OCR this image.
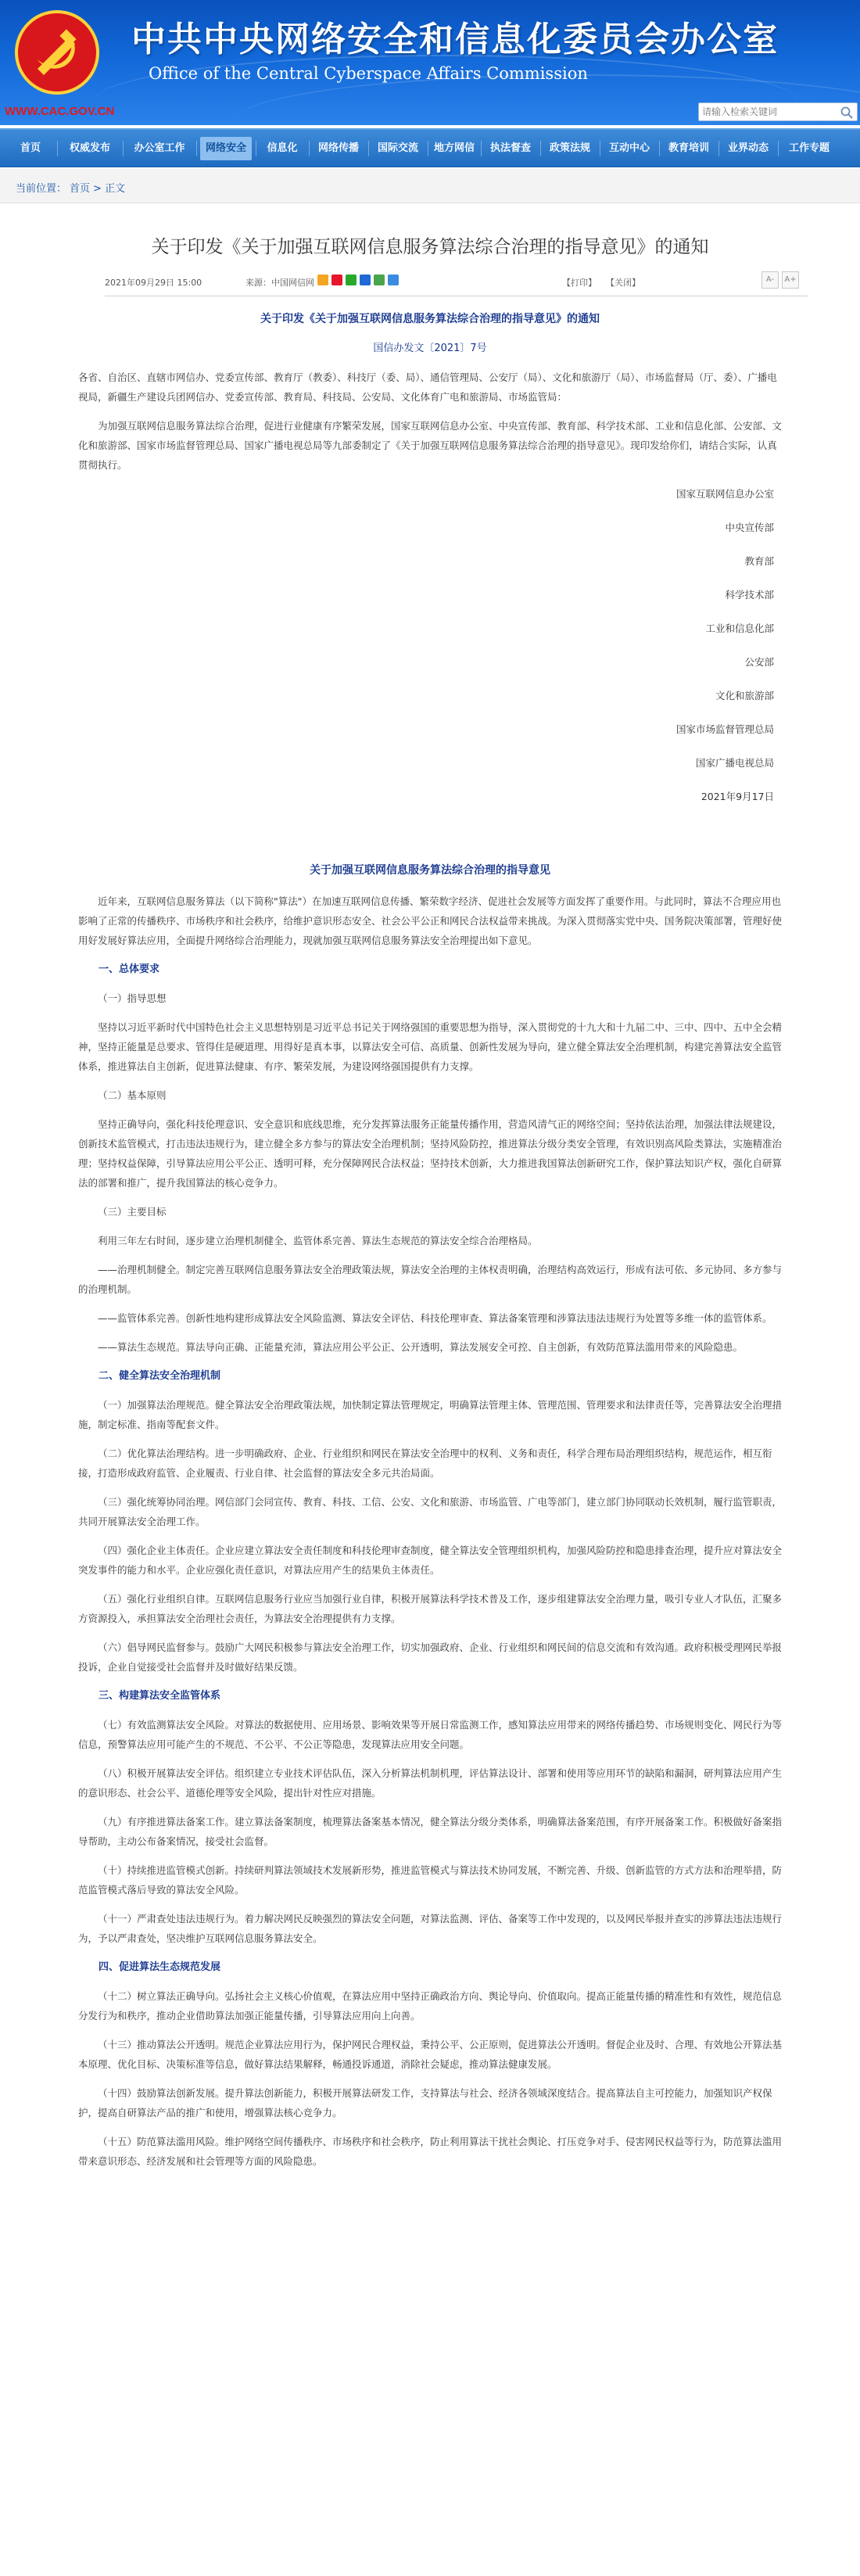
中共中央网络安全和信息化委员会办公室
Office of the Central Cyberspace Affairs Commission
WWW.CAC.GOV.CN
请输入检索关键词
首页	权威发布	办公室工作	网络安全	信息化	网络传播	国际交流	地方网信	执法督查	政策法规	互动中心	教育培训	业界动态	工作专题
当前位置： 首页 > 正文
关于印发《关于加强互联网信息服务算法综合治理的指导意见》的通知
2021年09月29日 15:00	来源：中国网信网	【打印】 【关闭】	A-	A+

关于印发《关于加强互联网信息服务算法综合治理的指导意见》的通知

国信办发文〔2021〕7号

各省、自治区、直辖市网信办、党委宣传部、教育厅（教委）、科技厅（委、局）、通信管理局、公安厅（局）、文化和旅游厅（局）、市场监督局（厅、委）、广播电视局，新疆生产建设兵团网信办、党委宣传部、教育局、科技局、公安局、文化体育广电和旅游局、市场监管局：

为加强互联网信息服务算法综合治理，促进行业健康有序繁荣发展，国家互联网信息办公室、中央宣传部、教育部、科学技术部、工业和信息化部、公安部、文化和旅游部、国家市场监督管理总局、国家广播电视总局等九部委制定了《关于加强互联网信息服务算法综合治理的指导意见》。现印发给你们，请结合实际，认真贯彻执行。

国家互联网信息办公室

中央宣传部

教育部

科学技术部

工业和信息化部

公安部

文化和旅游部

国家市场监督管理总局

国家广播电视总局

2021年9月17日

关于加强互联网信息服务算法综合治理的指导意见

近年来，互联网信息服务算法（以下简称"算法"）在加速互联网信息传播、繁荣数字经济、促进社会发展等方面发挥了重要作用。与此同时，算法不合理应用也影响了正常的传播秩序、市场秩序和社会秩序，给维护意识形态安全、社会公平公正和网民合法权益带来挑战。为深入贯彻落实党中央、国务院决策部署，管理好使用好发展好算法应用，全面提升网络综合治理能力，现就加强互联网信息服务算法安全治理提出如下意见。

一、总体要求

（一）指导思想

坚持以习近平新时代中国特色社会主义思想特别是习近平总书记关于网络强国的重要思想为指导，深入贯彻党的十九大和十九届二中、三中、四中、五中全会精神，坚持正能量是总要求、管得住是硬道理、用得好是真本事，以算法安全可信、高质量、创新性发展为导向，建立健全算法安全治理机制，构建完善算法安全监管体系，推进算法自主创新，促进算法健康、有序、繁荣发展，为建设网络强国提供有力支撑。

（二）基本原则

坚持正确导向，强化科技伦理意识、安全意识和底线思维，充分发挥算法服务正能量传播作用，营造风清气正的网络空间；坚持依法治理，加强法律法规建设，创新技术监管模式，打击违法违规行为，建立健全多方参与的算法安全治理机制；坚持风险防控，推进算法分级分类安全管理，有效识别高风险类算法，实施精准治理；坚持权益保障，引导算法应用公平公正、透明可释，充分保障网民合法权益；坚持技术创新，大力推进我国算法创新研究工作，保护算法知识产权，强化自研算法的部署和推广，提升我国算法的核心竞争力。

（三）主要目标

利用三年左右时间，逐步建立治理机制健全、监管体系完善、算法生态规范的算法安全综合治理格局。

——治理机制健全。制定完善互联网信息服务算法安全治理政策法规，算法安全治理的主体权责明确，治理结构高效运行，形成有法可依、多元协同、多方参与的治理机制。

——监管体系完善。创新性地构建形成算法安全风险监测、算法安全评估、科技伦理审查、算法备案管理和涉算法违法违规行为处置等多维一体的监管体系。

——算法生态规范。算法导向正确、正能量充沛，算法应用公平公正、公开透明，算法发展安全可控、自主创新，有效防范算法滥用带来的风险隐患。

二、健全算法安全治理机制

（一）加强算法治理规范。健全算法安全治理政策法规，加快制定算法管理规定，明确算法管理主体、管理范围、管理要求和法律责任等，完善算法安全治理措施，制定标准、指南等配套文件。

（二）优化算法治理结构。进一步明确政府、企业、行业组织和网民在算法安全治理中的权利、义务和责任，科学合理布局治理组织结构，规范运作，相互衔接，打造形成政府监管、企业履责、行业自律、社会监督的算法安全多元共治局面。

（三）强化统筹协同治理。网信部门会同宣传、教育、科技、工信、公安、文化和旅游、市场监管、广电等部门，建立部门协同联动长效机制，履行监管职责，共同开展算法安全治理工作。

（四）强化企业主体责任。企业应建立算法安全责任制度和科技伦理审查制度，健全算法安全管理组织机构，加强风险防控和隐患排查治理，提升应对算法安全突发事件的能力和水平。企业应强化责任意识，对算法应用产生的结果负主体责任。

（五）强化行业组织自律。互联网信息服务行业应当加强行业自律，积极开展算法科学技术普及工作，逐步组建算法安全治理力量，吸引专业人才队伍，汇聚多方资源投入，承担算法安全治理社会责任，为算法安全治理提供有力支撑。

（六）倡导网民监督参与。鼓励广大网民积极参与算法安全治理工作，切实加强政府、企业、行业组织和网民间的信息交流和有效沟通。政府积极受理网民举报投诉，企业自觉接受社会监督并及时做好结果反馈。

三、构建算法安全监管体系

（七）有效监测算法安全风险。对算法的数据使用、应用场景、影响效果等开展日常监测工作，感知算法应用带来的网络传播趋势、市场规则变化、网民行为等信息，预警算法应用可能产生的不规范、不公平、不公正等隐患，发现算法应用安全问题。

（八）积极开展算法安全评估。组织建立专业技术评估队伍，深入分析算法机制机理，评估算法设计、部署和使用等应用环节的缺陷和漏洞，研判算法应用产生的意识形态、社会公平、道德伦理等安全风险，提出针对性应对措施。

（九）有序推进算法备案工作。建立算法备案制度，梳理算法备案基本情况，健全算法分级分类体系，明确算法备案范围，有序开展备案工作。积极做好备案指导帮助，主动公布备案情况，接受社会监督。

（十）持续推进监管模式创新。持续研判算法领域技术发展新形势，推进监管模式与算法技术协同发展，不断完善、升级、创新监管的方式方法和治理举措，防范监管模式落后导致的算法安全风险。

（十一）严肃查处违法违规行为。着力解决网民反映强烈的算法安全问题，对算法监测、评估、备案等工作中发现的，以及网民举报并查实的涉算法违法违规行为，予以严肃查处，坚决维护互联网信息服务算法安全。

四、促进算法生态规范发展

（十二）树立算法正确导向。弘扬社会主义核心价值观，在算法应用中坚持正确政治方向、舆论导向、价值取向。提高正能量传播的精准性和有效性，规范信息分发行为和秩序，推动企业借助算法加强正能量传播，引导算法应用向上向善。

（十三）推动算法公开透明。规范企业算法应用行为，保护网民合理权益，秉持公平、公正原则，促进算法公开透明。督促企业及时、合理、有效地公开算法基本原理、优化目标、决策标准等信息，做好算法结果解释，畅通投诉通道，消除社会疑虑，推动算法健康发展。

（十四）鼓励算法创新发展。提升算法创新能力，积极开展算法研发工作，支持算法与社会、经济各领域深度结合。提高算法自主可控能力，加强知识产权保护，提高自研算法产品的推广和使用，增强算法核心竞争力。

（十五）防范算法滥用风险。维护网络空间传播秩序、市场秩序和社会秩序，防止利用算法干扰社会舆论、打压竞争对手、侵害网民权益等行为，防范算法滥用带来意识形态、经济发展和社会管理等方面的风险隐患。
